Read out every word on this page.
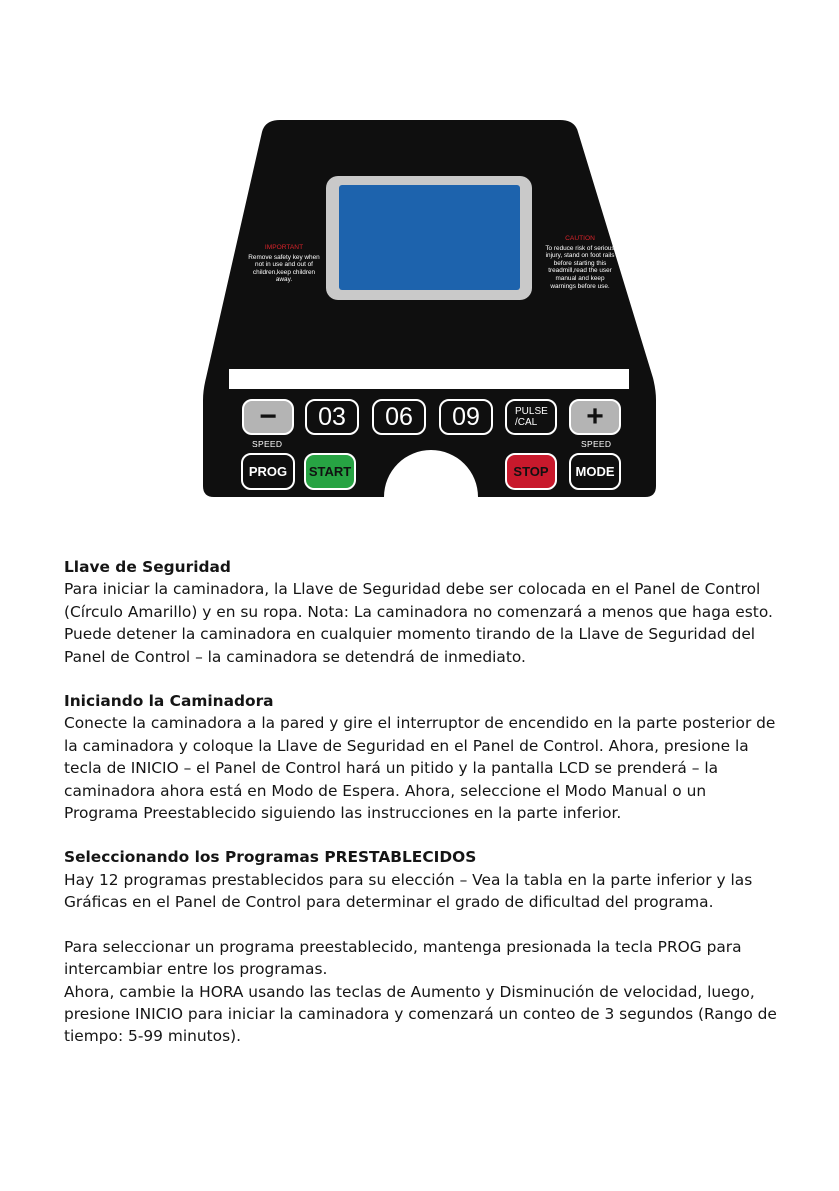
IMPORTANT
Remove safety key when not in use and out of children,keep children away.
CAUTION
To reduce risk of serious injury, stand on foot rails before starting this treadmill,read the user manual and keep warnings before use.
− 03 06 09	PULSE
/CAL	+
SPEED	SPEED
PROG START	STOP MODE
Llave de Seguridad

Para iniciar la caminadora, la Llave de Seguridad debe ser colocada en el Panel de Control (Círculo Amarillo) y en su ropa. Nota: La caminadora no comenzará a menos que haga esto. Puede detener la caminadora en cualquier momento tirando de la Llave de Seguridad del Panel de Control – la caminadora se detendrá de inmediato.

Iniciando la Caminadora

Conecte la caminadora a la pared y gire el interruptor de encendido en la parte posterior de la caminadora y coloque la Llave de Seguridad en el Panel de Control. Ahora, presione la tecla de INICIO – el Panel de Control hará un pitido y la pantalla LCD se prenderá – la caminadora ahora está en Modo de Espera. Ahora, seleccione el Modo Manual o un Programa Preestablecido siguiendo las instrucciones en la parte inferior.

Seleccionando los Programas PRESTABLECIDOS

Hay 12 programas prestablecidos para su elección – Vea la tabla en la parte inferior y las Gráficas en el Panel de Control para determinar el grado de dificultad del programa.

Para seleccionar un programa preestablecido, mantenga presionada la tecla PROG para intercambiar entre los programas.

Ahora, cambie la HORA usando las teclas de Aumento y Disminución de velocidad, luego, presione INICIO para iniciar la caminadora y comenzará un conteo de 3 segundos (Rango de tiempo: 5-99 minutos).
